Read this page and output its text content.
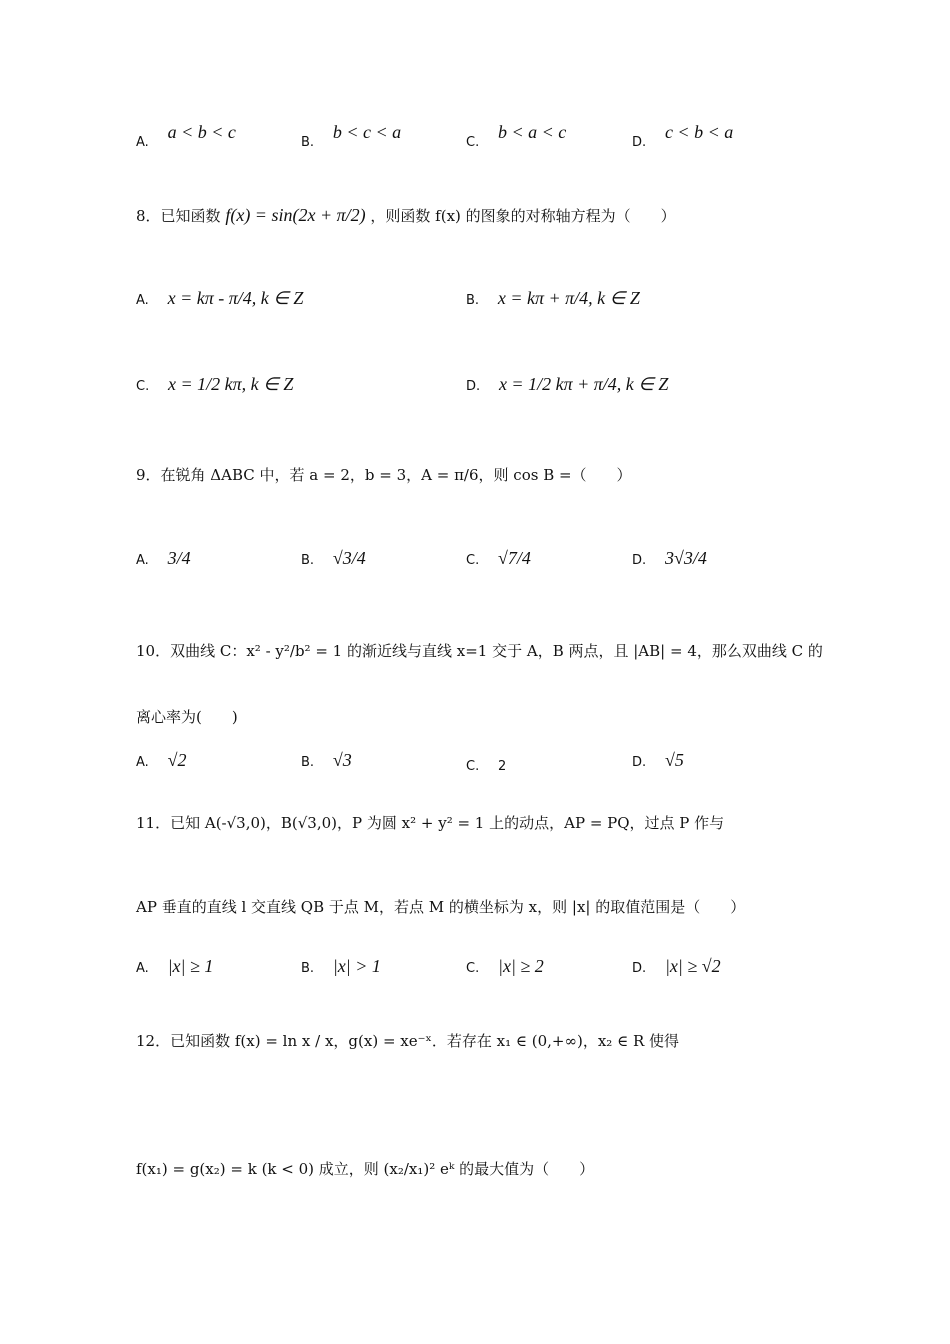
A. a < b < c
B. b < c < a
C. b < a < c
D. c < b < a
8．已知函数 f(x) = sin(2x + π/2) ，则函数 f(x) 的图象的对称轴方程为（　　）
A. x = kπ - π/4, k ∈ Z	B. x = kπ + π/4, k ∈ Z
C. x = 1/2 kπ, k ∈ Z	D. x = 1/2 kπ + π/4, k ∈ Z
9．在锐角 ΔABC 中，若 a = 2，b = 3，A = π/6，则 cos B =（　　）
A. 3/4	B. √3/4	C. √7/4	D. 3√3/4
10．双曲线 C：x² - y²/b² = 1 的渐近线与直线 x=1 交于 A，B 两点，且 |AB| = 4，那么双曲线 C 的
离心率为(　　)
A. √2	B. √3	C. 2	D. √5
11．已知 A(-√3,0)，B(√3,0)，P 为圆 x² + y² = 1 上的动点，AP = PQ，过点 P 作与
AP 垂直的直线 l 交直线 QB 于点 M，若点 M 的横坐标为 x，则 |x| 的取值范围是（　　）
A. |x| ≥ 1	B. |x| > 1	C. |x| ≥ 2	D. |x| ≥ √2
12．已知函数 f(x) = ln x / x，g(x) = xe⁻ˣ．若存在 x₁ ∈ (0,+∞)，x₂ ∈ R 使得
f(x₁) = g(x₂) = k (k < 0) 成立，则 (x₂/x₁)² eᵏ 的最大值为（　　）
